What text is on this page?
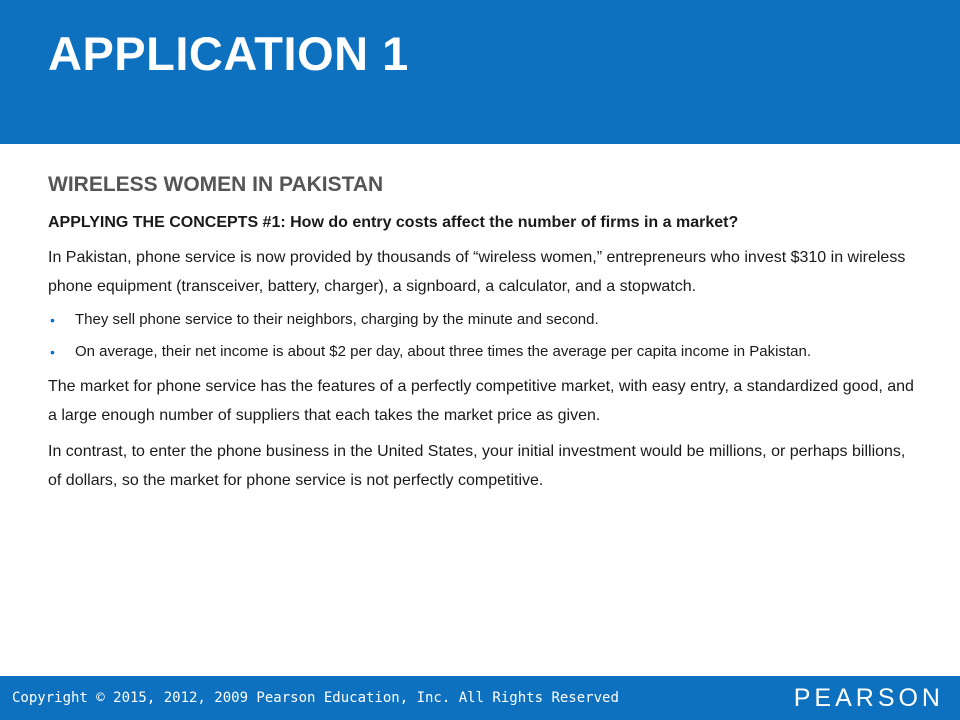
APPLICATION 1
WIRELESS WOMEN IN PAKISTAN

APPLYING THE CONCEPTS #1: How do entry costs affect the number of firms in a market?

In Pakistan, phone service is now provided by thousands of “wireless women,” entrepreneurs who invest $310 in wireless phone equipment (transceiver, battery, charger), a signboard, a calculator, and a stopwatch.

• They sell phone service to their neighbors, charging by the minute and second.
• On average, their net income is about $2 per day, about three times the average per capita income in Pakistan.

The market for phone service has the features of a perfectly competitive market, with easy entry, a standardized good, and a large enough number of suppliers that each takes the market price as given.

In contrast, to enter the phone business in the United States, your initial investment would be millions, or perhaps billions, of dollars, so the market for phone service is not perfectly competitive.

Copyright © 2015, 2012, 2009 Pearson Education, Inc. All Rights Reserved	PEARSON
